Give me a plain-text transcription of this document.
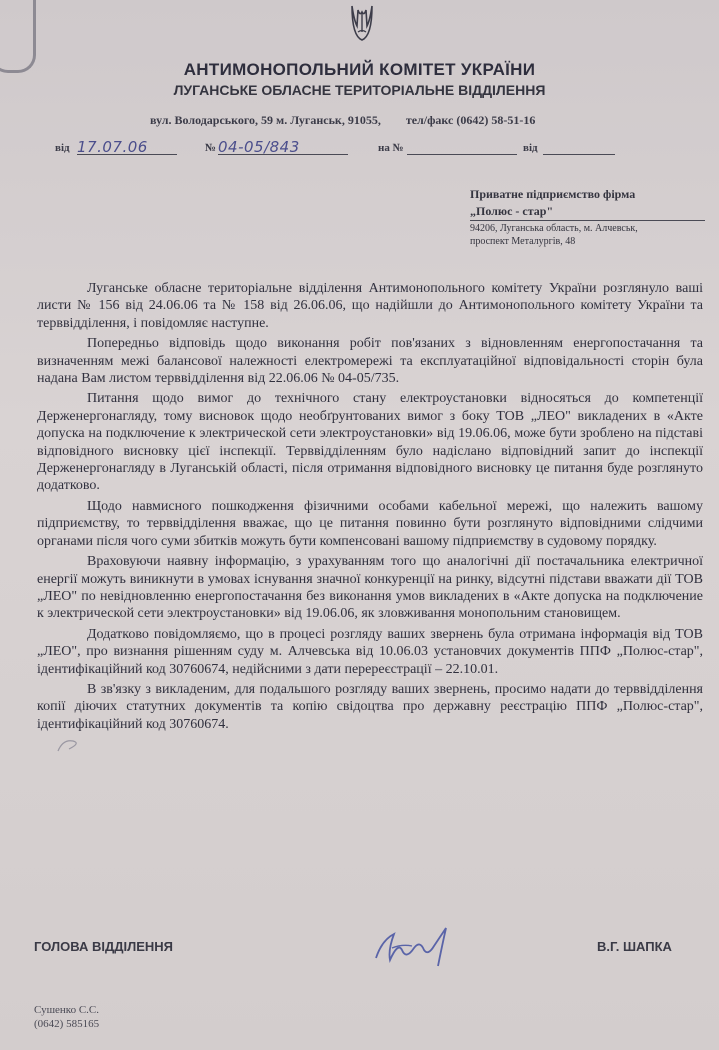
АНТИМОНОПОЛЬНИЙ КОМІТЕТ УКРАЇНИ
ЛУГАНСЬКЕ ОБЛАСНЕ ТЕРИТОРІАЛЬНЕ ВІДДІЛЕННЯ
вул. Володарського, 59 м. Луганськ, 91055, тел/факс (0642) 58-51-16
від 17.07.06	№ 04-05/843	на №	від
Приватне підприємство фірма
„Полюс - стар"
94206, Луганська область, м. Алчевськ,
проспект Металургів, 48

Луганське обласне територіальне відділення Антимонопольного комітету України розглянуло ваші листи № 156 від 24.06.06 та № 158 від 26.06.06, що надійшли до Антимонопольного комітету України та терввідділення, і повідомляє наступне.

Попередньо відповідь щодо виконання робіт пов'язаних з відновленням енергопостачання та визначенням межі балансової належності електромережі та експлуатаційної відповідальності сторін була надана Вам листом терввідділення від 22.06.06 № 04-05/735.

Питання щодо вимог до технічного стану електроустановки відносяться до компетенції Держенергонагляду, тому висновок щодо необґрунтованих вимог з боку ТОВ „ЛЕО" викладених в «Акте допуска на подключение к электрической сети электроустановки» від 19.06.06, може бути зроблено на підставі відповідного висновку цієї інспекції. Терввідділенням було надіслано відповідний запит до інспекції Держенергонагляду в Луганській області, після отримання відповідного висновку це питання буде розглянуто додатково.

Щодо навмисного пошкодження фізичними особами кабельної мережі, що належить вашому підприємству, то терввідділення вважає, що це питання повинно бути розглянуто відповідними слідчими органами після чого суми збитків можуть бути компенсовані вашому підприємству в судовому порядку.

Враховуючи наявну інформацію, з урахуванням того що аналогічні дії постачальника електричної енергії можуть виникнути в умовах існування значної конкуренції на ринку, відсутні підстави вважати дії ТОВ „ЛЕО" по невідновленню енергопостачання без виконання умов викладених в «Акте допуска на подключение к электрической сети электроустановки» від 19.06.06, як зловживання монопольним становищем.

Додатково повідомляємо, що в процесі розгляду ваших звернень була отримана інформація від ТОВ „ЛЕО", про визнання рішенням суду м. Алчевська від 10.06.03 установчих документів ППФ „Полюс-стар", ідентифікаційний код 30760674, недійсними з дати перереєстрації – 22.10.01.

В зв'язку з викладеним, для подальшого розгляду ваших звернень, просимо надати до терввідділення копії діючих статутних документів та копію свідоцтва про державну реєстрацію ППФ „Полюс-стар", ідентифікаційний код 30760674.

ГОЛОВА ВІДДІЛЕННЯ	В.Г. ШАПКА
Сушенко С.С.
(0642) 585165
